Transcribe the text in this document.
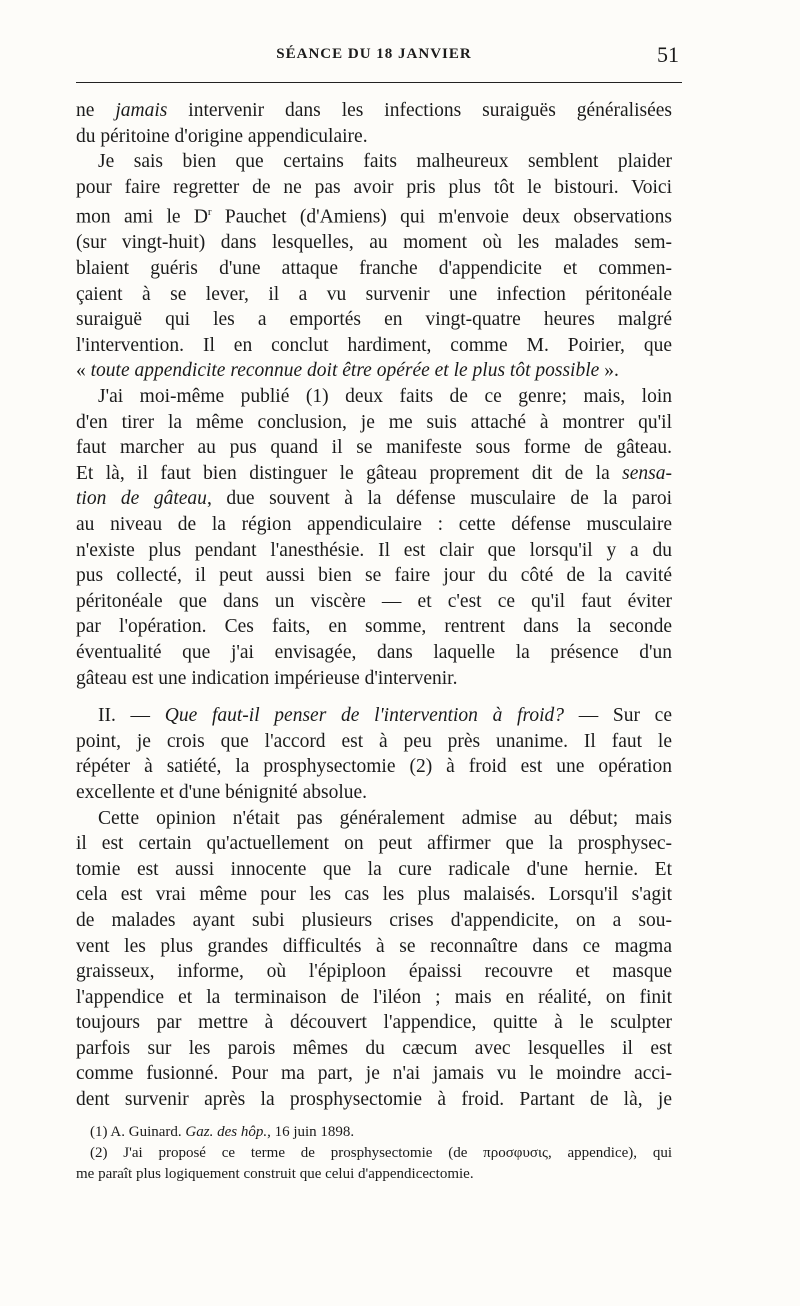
SÉANCE DU 18 JANVIER	51

ne jamais intervenir dans les infections suraiguës généralisées
du péritoine d'origine appendiculaire.

Je sais bien que certains faits malheureux semblent plaider
pour faire regretter de ne pas avoir pris plus tôt le bistouri. Voici
mon ami le $D^r$ Pauchet (d'Amiens) qui m'envoie deux observations
(sur vingt-huit) dans lesquelles, au moment où les malades sem-
blaient guéris d'une attaque franche d'appendicite et commen-
çaient à se lever, il a vu survenir une infection péritonéale
suraiguë qui les a emportés en vingt-quatre heures malgré
l'intervention. Il en conclut hardiment, comme M. Poirier, que
« toute appendicite reconnue doit être opérée et le plus tôt possible ».

J'ai moi-même publié (1) deux faits de ce genre; mais, loin
d'en tirer la même conclusion, je me suis attaché à montrer qu'il
faut marcher au pus quand il se manifeste sous forme de gâteau.
Et là, il faut bien distinguer le gâteau proprement dit de la sensa-
tion de gâteau, due souvent à la défense musculaire de la paroi
au niveau de la région appendiculaire : cette défense musculaire
n'existe plus pendant l'anesthésie. Il est clair que lorsqu'il y a du
pus collecté, il peut aussi bien se faire jour du côté de la cavité
péritonéale que dans un viscère — et c'est ce qu'il faut éviter
par l'opération. Ces faits, en somme, rentrent dans la seconde
éventualité que j'ai envisagée, dans laquelle la présence d'un
gâteau est une indication impérieuse d'intervenir.

II. — Que faut-il penser de l'intervention à froid? — Sur ce
point, je crois que l'accord est à peu près unanime. Il faut le
répéter à satiété, la prosphysectomie (2) à froid est une opération
excellente et d'une bénignité absolue.

Cette opinion n'était pas généralement admise au début; mais
il est certain qu'actuellement on peut affirmer que la prosphysec-
tomie est aussi innocente que la cure radicale d'une hernie. Et
cela est vrai même pour les cas les plus malaisés. Lorsqu'il s'agit
de malades ayant subi plusieurs crises d'appendicite, on a sou-
vent les plus grandes difficultés à se reconnaître dans ce magma
graisseux, informe, où l'épiploon épaissi recouvre et masque
l'appendice et la terminaison de l'iléon ; mais en réalité, on finit
toujours par mettre à découvert l'appendice, quitte à le sculpter
parfois sur les parois mêmes du cæcum avec lesquelles il est
comme fusionné. Pour ma part, je n'ai jamais vu le moindre acci-
dent survenir après la prosphysectomie à froid. Partant de là, je

(1) A. Guinard. Gaz. des hôp., 16 juin 1898.
(2) J'ai proposé ce terme de prosphysectomie (de προσφυσις, appendice), qui
me paraît plus logiquement construit que celui d'appendicectomie.
